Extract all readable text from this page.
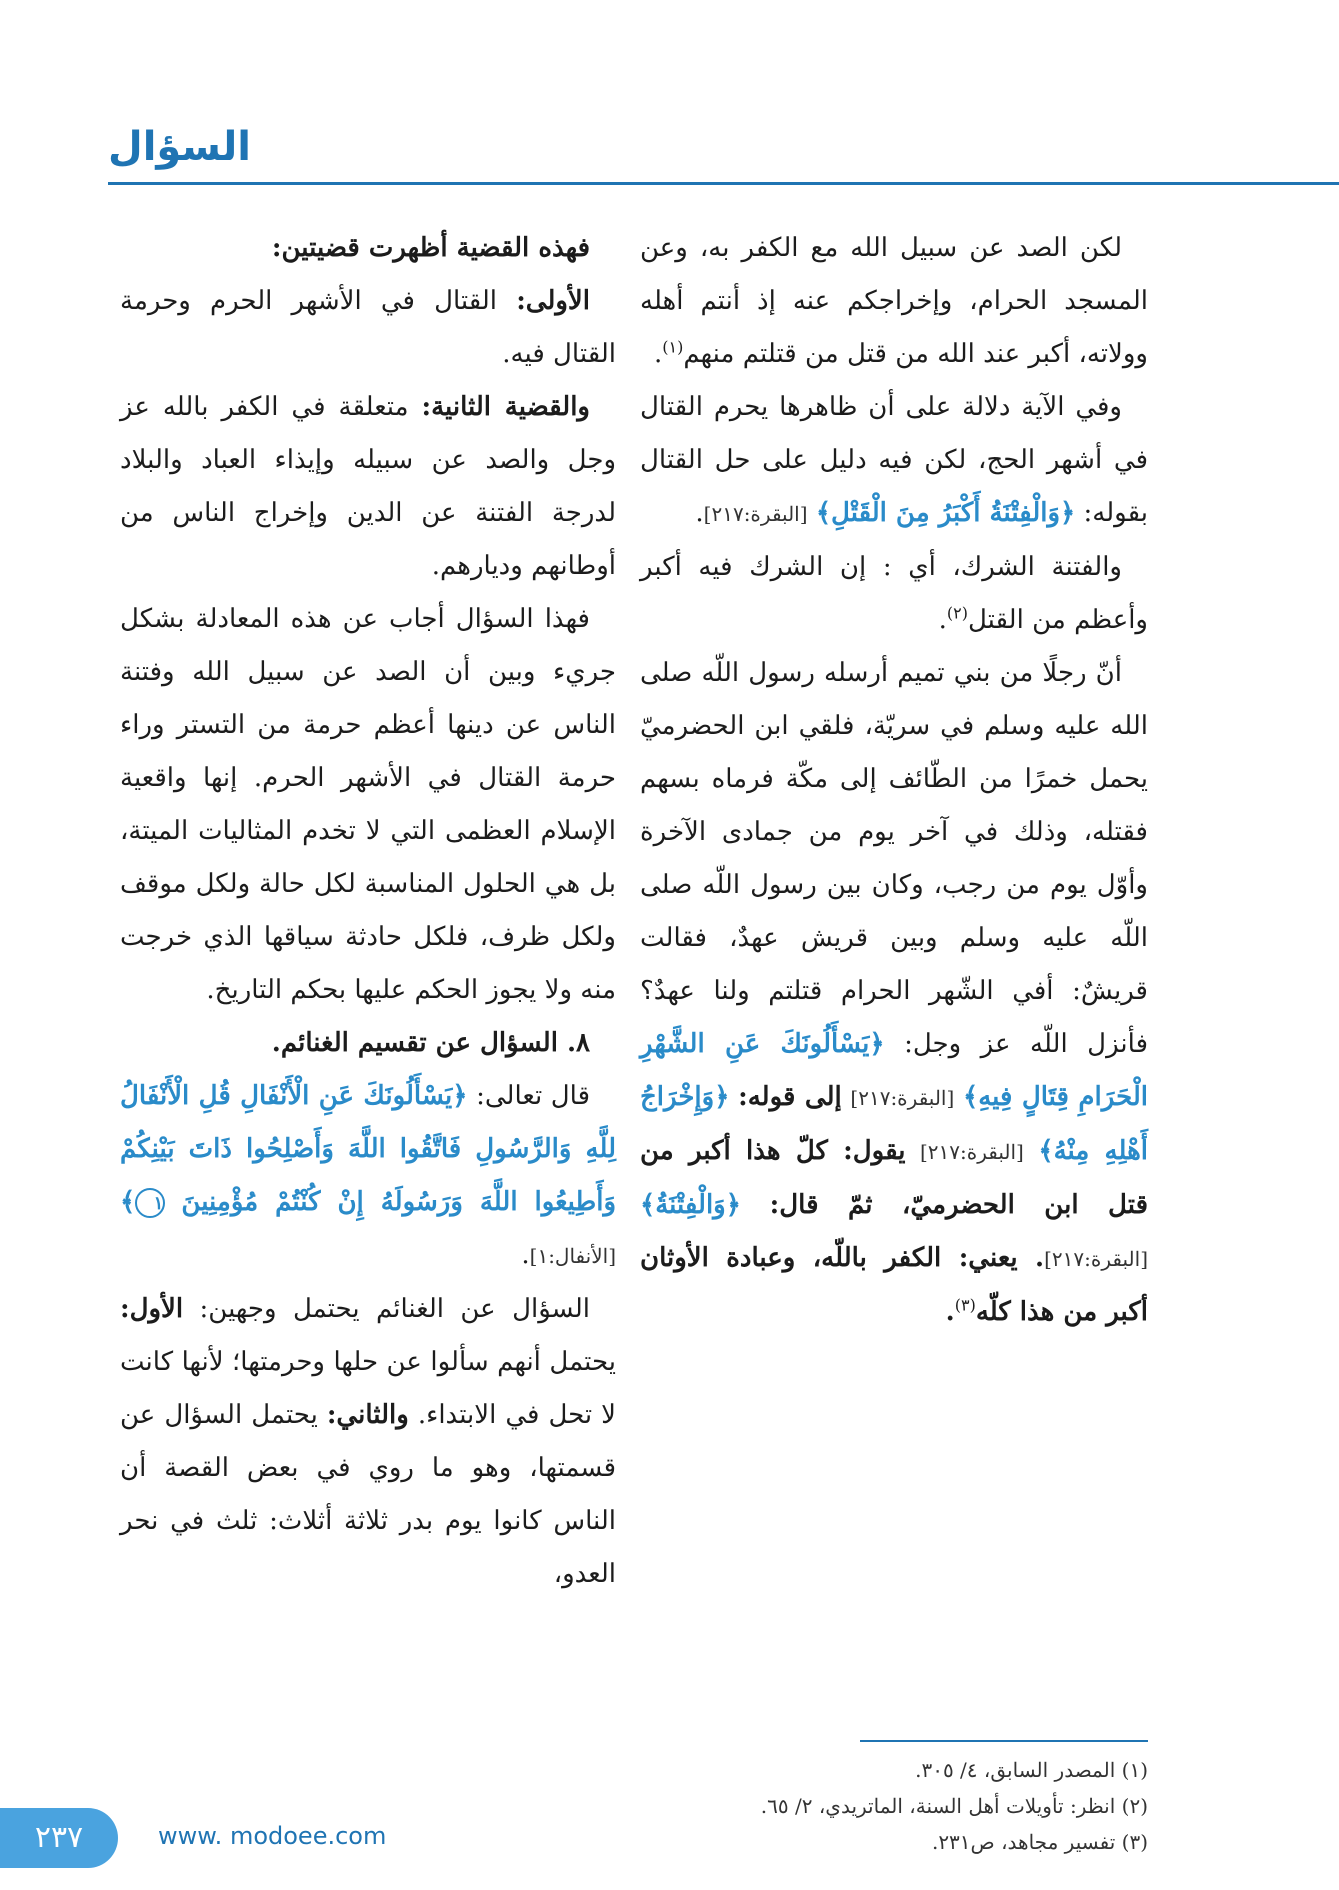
السؤال

لكن الصد عن سبيل الله مع الكفر به، وعن المسجد الحرام، وإخراجكم عنه إذ أنتم أهله وولاته، أكبر عند الله من قتل من قتلتم منهم$^{(١)}$.

وفي الآية دلالة على أن ظاهرها يحرم القتال في أشهر الحج، لكن فيه دليل على حل القتال بقوله: ﴿وَالْفِتْنَةُ أَكْبَرُ مِنَ الْقَتْلِ﴾ [البقرة:٢١٧].

والفتنة الشرك، أي : إن الشرك فيه أكبر وأعظم من القتل$^{(٢)}$.

أنّ رجلًا من بني تميم أرسله رسول اللّه صلى الله عليه وسلم في سريّة، فلقي ابن الحضرميّ يحمل خمرًا من الطّائف إلى مكّة فرماه بسهم فقتله، وذلك في آخر يوم من جمادى الآخرة وأوّل يوم من رجب، وكان بين رسول اللّه صلى اللّه عليه وسلم وبين قريش عهدٌ، فقالت قريشٌ: أفي الشّهر الحرام قتلتم ولنا عهدٌ؟ فأنزل اللّه عز وجل: ﴿يَسْأَلُونَكَ عَنِ الشَّهْرِ الْحَرَامِ قِتَالٍ فِيهِ﴾ [البقرة:٢١٧] إلى قوله: ﴿وَإِخْرَاجُ أَهْلِهِ مِنْهُ﴾ [البقرة:٢١٧] يقول: كلّ هذا أكبر من قتل ابن الحضرميّ، ثمّ قال: ﴿وَالْفِتْنَةُ﴾ [البقرة:٢١٧]. يعني: الكفر باللّه، وعبادة الأوثان أكبر من هذا كلّه$^{(٣)}$.

(١) المصدر السابق، ٤/ ٣٠٥.

(٢) انظر: تأويلات أهل السنة، الماتريدي، ٢/ ٦٥.

(٣) تفسير مجاهد، ص٢٣١.

فهذه القضية أظهرت قضيتين:

الأولى: القتال في الأشهر الحرم وحرمة القتال فيه.

والقضية الثانية: متعلقة في الكفر بالله عز وجل والصد عن سبيله وإيذاء العباد والبلاد لدرجة الفتنة عن الدين وإخراج الناس من أوطانهم وديارهم.

فهذا السؤال أجاب عن هذه المعادلة بشكل جريء وبين أن الصد عن سبيل الله وفتنة الناس عن دينها أعظم حرمة من التستر وراء حرمة القتال في الأشهر الحرم. إنها واقعية الإسلام العظمى التي لا تخدم المثاليات الميتة، بل هي الحلول المناسبة لكل حالة ولكل موقف ولكل ظرف، فلكل حادثة سياقها الذي خرجت منه ولا يجوز الحكم عليها بحكم التاريخ.

٨. السؤال عن تقسيم الغنائم.

قال تعالى: ﴿يَسْأَلُونَكَ عَنِ الْأَنْفَالِ قُلِ الْأَنْفَالُ لِلَّهِ وَالرَّسُولِ فَاتَّقُوا اللَّهَ وَأَصْلِحُوا ذَاتَ بَيْنِكُمْ وَأَطِيعُوا اللَّهَ وَرَسُولَهُ إِنْ كُنْتُمْ مُؤْمِنِينَ ١﴾ [الأنفال:١].

السؤال عن الغنائم يحتمل وجهين: الأول: يحتمل أنهم سألوا عن حلها وحرمتها؛ لأنها كانت لا تحل في الابتداء. والثاني: يحتمل السؤال عن قسمتها، وهو ما روي في بعض القصة أن الناس كانوا يوم بدر ثلاثة أثلاث: ثلث في نحر العدو،

٢٣٧	www. modoee.com
